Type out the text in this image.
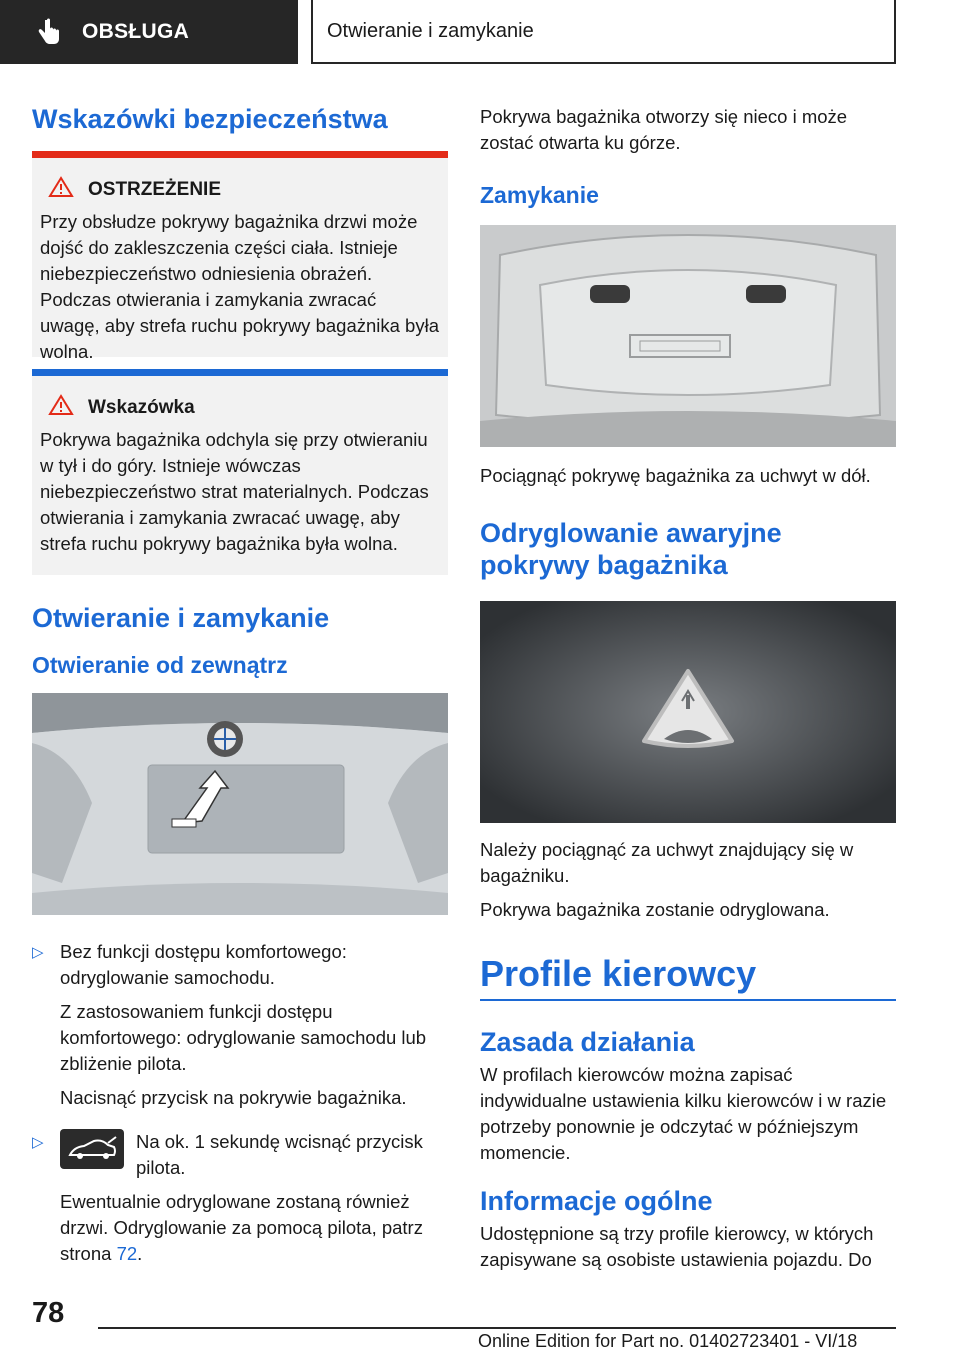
OBSŁUGA	Otwieranie i zamykanie
Wskazówki bezpieczeństwa
OSTRZEŻENIE

Przy obsłudze pokrywy bagażnika drzwi może dojść do zakleszczenia części ciała. Istnieje niebezpieczeństwo odniesienia obrażeń. Podczas otwierania i zamykania zwracać uwagę, aby strefa ruchu pokrywy bagażnika była wolna.

Wskazówka

Pokrywa bagażnika odchyla się przy otwieraniu w tył i do góry. Istnieje wówczas niebezpieczeństwo strat materialnych. Podczas otwierania i zamykania zwracać uwagę, aby strefa ruchu pokrywy bagażnika była wolna.

Otwieranie i zamykanie
Otwieranie od zewnątrz
▷ Bez funkcji dostępu komfortowego: odryglowanie samochodu.

Z zastosowaniem funkcji dostępu komfortowego: odryglowanie samochodu lub zbliżenie pilota.

Nacisnąć przycisk na pokrywie bagażnika.

▷	Na ok. 1 sekundę wcisnąć przycisk pilota.

Ewentualnie odryglowane zostaną również drzwi. Odryglowanie za pomocą pilota, patrz strona 72.

Pokrywa bagażnika otworzy się nieco i może zostać otwarta ku górze.

Zamykanie

Pociągnąć pokrywę bagażnika za uchwyt w dół.

Odryglowanie awaryjne pokrywy bagażnika

Należy pociągnąć za uchwyt znajdujący się w bagażniku.

Pokrywa bagażnika zostanie odryglowana.

Profile kierowcy
Zasada działania

W profilach kierowców można zapisać indywidualne ustawienia kilku kierowców i w razie potrzeby ponownie je odczytać w późniejszym momencie.

Informacje ogólne

Udostępnione są trzy profile kierowcy, w których zapisywane są osobiste ustawienia pojazdu. Do

78
Online Edition for Part no. 01402723401 - VI/18
